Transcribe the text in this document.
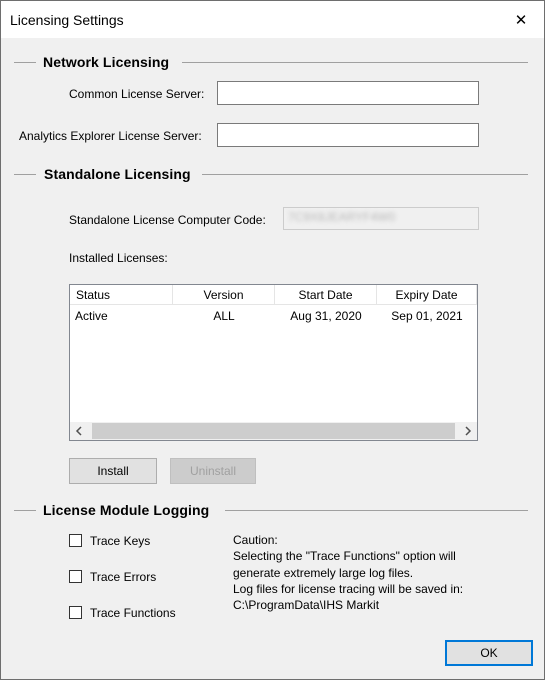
Licensing Settings	✕
Network Licensing
Common License Server:
Analytics Explorer License Server:
Standalone Licensing
Standalone License Computer Code:	7C9X8JEARYF4W0
Installed Licenses:
Status	Version	Start Date	Expiry Date
Active	ALL	Aug 31, 2020	Sep 01, 2021
Install	Uninstall
License Module Logging
Trace Keys
Trace Errors
Trace Functions
Caution:
Selecting the "Trace Functions" option will
generate extremely large log files.
Log files for license tracing will be saved in:
C:\ProgramData\IHS Markit
OK
